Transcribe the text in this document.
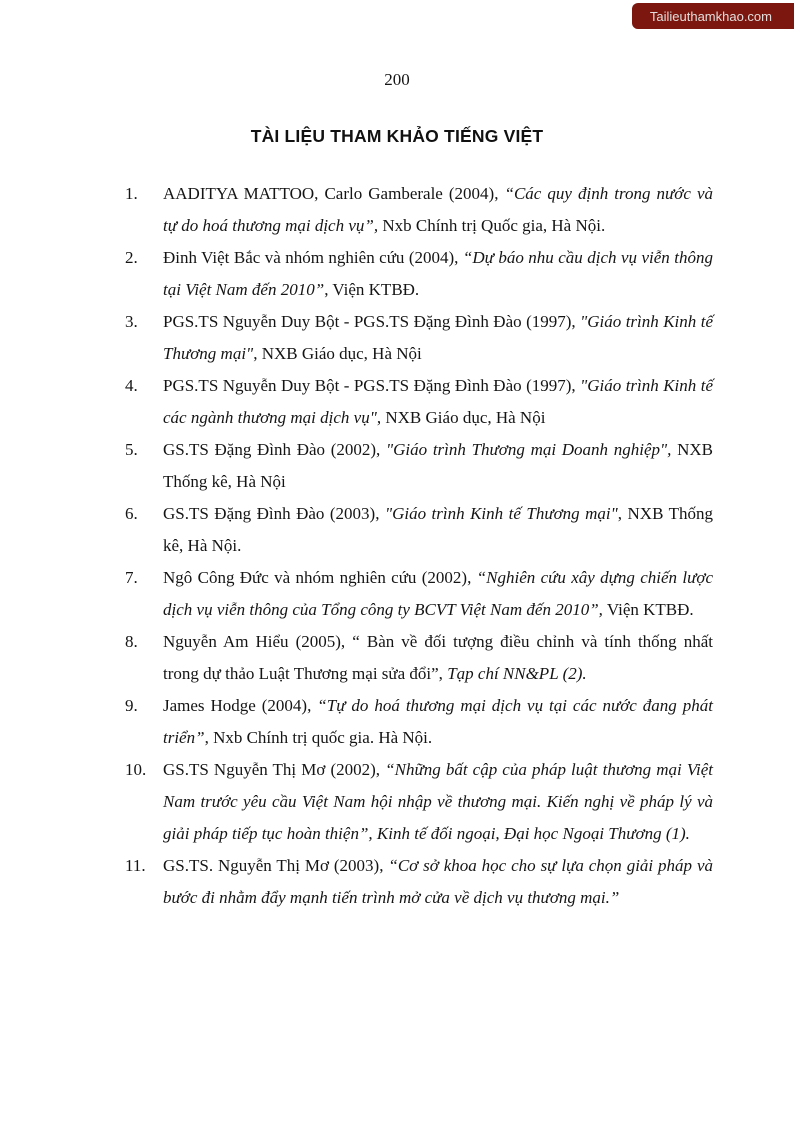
Tailieuthamkhao.com
200
TÀI LIỆU THAM KHẢO TIẾNG VIỆT
1.	AADITYA MATTOO, Carlo Gamberale (2004), “Các quy định trong nước và tự do hoá thương mại dịch vụ”, Nxb Chính trị Quốc gia, Hà Nội.
2.	Đinh Việt Bắc và nhóm nghiên cứu (2004), “Dự báo nhu cầu dịch vụ viễn thông tại Việt Nam đến 2010”, Viện KTBĐ.
3.	PGS.TS Nguyễn Duy Bột - PGS.TS Đặng Đình Đào (1997), "Giáo trình Kinh tế Thương mại", NXB Giáo dục, Hà Nội
4.	PGS.TS Nguyễn Duy Bột - PGS.TS Đặng Đình Đào (1997), "Giáo trình Kinh tế các ngành thương mại dịch vụ", NXB Giáo dục, Hà Nội
5.	GS.TS Đặng Đình Đào (2002), "Giáo trình Thương mại Doanh nghiệp", NXB Thống kê, Hà Nội
6.	GS.TS Đặng Đình Đào (2003), "Giáo trình Kinh tế Thương mại", NXB Thống kê, Hà Nội.
7.	Ngô Công Đức và nhóm nghiên cứu (2002), “Nghiên cứu xây dựng chiến lược dịch vụ viễn thông của Tổng công ty BCVT Việt Nam đến 2010”, Viện KTBĐ.
8.	Nguyễn Am Hiểu (2005), “ Bàn về đối tượng điều chỉnh và tính thống nhất trong dự thảo Luật Thương mại sửa đổi”, Tạp chí NN&PL (2).
9.	James Hodge (2004), “Tự do hoá thương mại dịch vụ tại các nước đang phát triển”, Nxb Chính trị quốc gia. Hà Nội.
10. GS.TS Nguyễn Thị Mơ (2002), “Những bất cập của pháp luật thương mại Việt Nam trước yêu cầu Việt Nam hội nhập về thương mại. Kiến nghị về pháp lý và giải pháp tiếp tục hoàn thiện”, Kinh tế đối ngoại, Đại học Ngoại Thương (1).
11.	GS.TS. Nguyễn Thị Mơ (2003), “Cơ sở khoa học cho sự lựa chọn giải pháp và bước đi nhằm đẩy mạnh tiến trình mở cửa về dịch vụ thương mại.”
